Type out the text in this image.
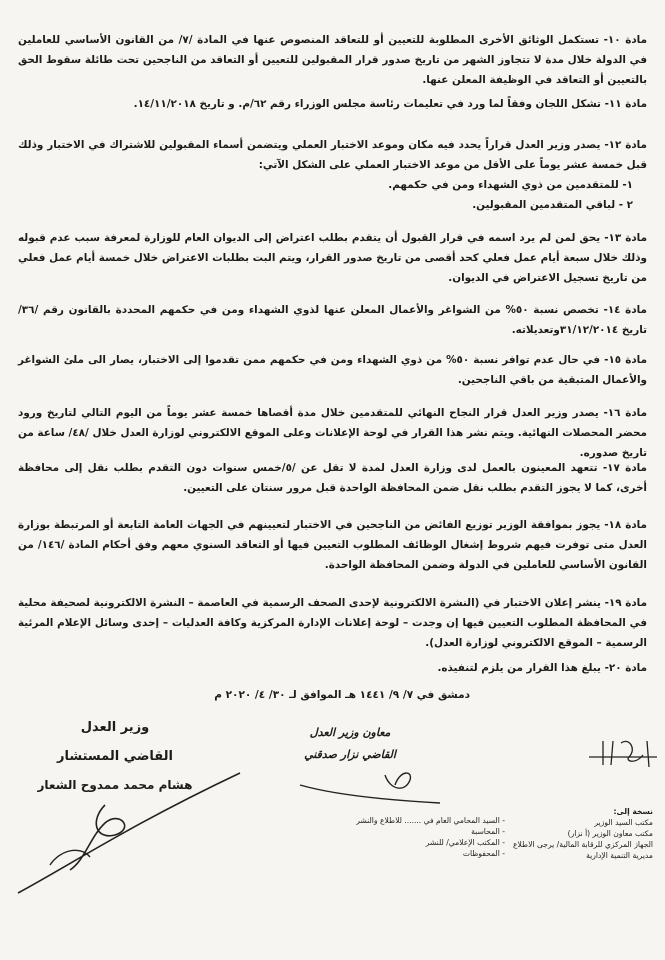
مادة ١٠- تستكمل الوثائق الأخرى المطلوبة للتعيين أو للتعاقد المنصوص عنها في المادة /٧/ من القانون الأساسي للعاملين في الدولة خلال مدة لا تتجاوز الشهر من تاريخ صدور قرار المقبولين للتعيين أو التعاقد من الناجحين تحت طائلة سقوط الحق بالتعيين أو التعاقد في الوظيفة المعلن عنها.

مادة ١١- تشكل اللجان وفقاً لما ورد في تعليمات رئاسة مجلس الوزراء رقم ٦٢/م. و تاريخ ١٤/١١/٢٠١٨.

مادة ١٢- يصدر وزير العدل قراراً يحدد فيه مكان وموعد الاختبار العملي ويتضمن أسماء المقبولين للاشتراك في الاختبار وذلك قبل خمسة عشر يوماً على الأقل من موعد الاختبار العملي على الشكل الآتي:

١- للمتقدمين من ذوي الشهداء ومن في حكمهم.
٢ - لباقي المتقدمين المقبولين.

مادة ١٣- يحق لمن لم يرد اسمه في قرار القبول أن يتقدم بطلب اعتراض إلى الديوان العام للوزارة لمعرفة سبب عدم قبوله وذلك خلال سبعة أيام عمل فعلي كحد أقصى من تاريخ صدور القرار، ويتم البت بطلبات الاعتراض خلال خمسة أيام عمل فعلي من تاريخ تسجيل الاعتراض في الديوان.

مادة ١٤- تخصص نسبة ٥٠% من الشواغر والأعمال المعلن عنها لذوي الشهداء ومن في حكمهم المحددة بالقانون رقم /٣٦/تاريخ ٣١/١٢/٢٠١٤وتعديلاته.

مادة ١٥- في حال عدم توافر نسبة ٥٠% من ذوي الشهداء ومن في حكمهم ممن تقدموا إلى الاختبار، يصار الى ملئ الشواغر والأعمال المتبقية من باقي الناجحين.

مادة ١٦- يصدر وزير العدل قرار النجاح النهائي للمتقدمين خلال مدة أقصاها خمسة عشر يوماً من اليوم التالي لتاريخ ورود محضر المحصلات النهائية. ويتم نشر هذا القرار في لوحة الإعلانات وعلى الموقع الالكتروني لوزارة العدل خلال /٤٨/ ساعة من تاريخ صدوره.

مادة ١٧- تتعهد المعينون بالعمل لدى وزارة العدل لمدة لا تقل عن /٥/خمس سنوات دون التقدم بطلب نقل إلى محافظة أخرى، كما لا يجوز التقدم بطلب نقل ضمن المحافظة الواحدة قبل مرور سنتان على التعيين.

مادة ١٨- يجوز بموافقة الوزير توزيع الفائض من الناجحين في الاختبار لتعيينهم في الجهات العامة التابعة أو المرتبطة بوزارة العدل متى توفرت فيهم شروط إشغال الوظائف المطلوب التعيين فيها أو التعاقد السنوي معهم وفق أحكام المادة /١٤٦/ من القانون الأساسي للعاملين في الدولة وضمن المحافظة الواحدة.

مادة ١٩- ينشر إعلان الاختبار في (النشرة الالكترونية لإحدى الصحف الرسمية في العاصمة – النشرة الالكترونية لصحيفة محلية في المحافظة المطلوب التعيين فيها إن وجدت – لوحة إعلانات الإدارة المركزية وكافة العدليات – إحدى وسائل الإعلام المرئية الرسمية – الموقع الالكتروني لوزارة العدل).

مادة ٢٠- يبلغ هذا القرار من يلزم لتنفيذه.

دمشق في ٧/ ٩/ ١٤٤١ هـ الموافق لـ ٣٠/ ٤/ ٢٠٢٠ م
وزير العدل
القاضي المستشار
هشام محمد ممدوح الشعار
معاون وزير العدل
القاضي نزار صدقني
- السيد المحامي العام في ....... للاطلاع والنشر
- المحاسبة
- المكتب الإعلامي/ للنشر
- المحفوظات
نسخة إلى:
مكتب السيد الوزير
مكتب معاون الوزير (أ نزار)
الجهاز المركزي للرقابة المالية/ يرجى الاطلاع
مديرية التنمية الإدارية
